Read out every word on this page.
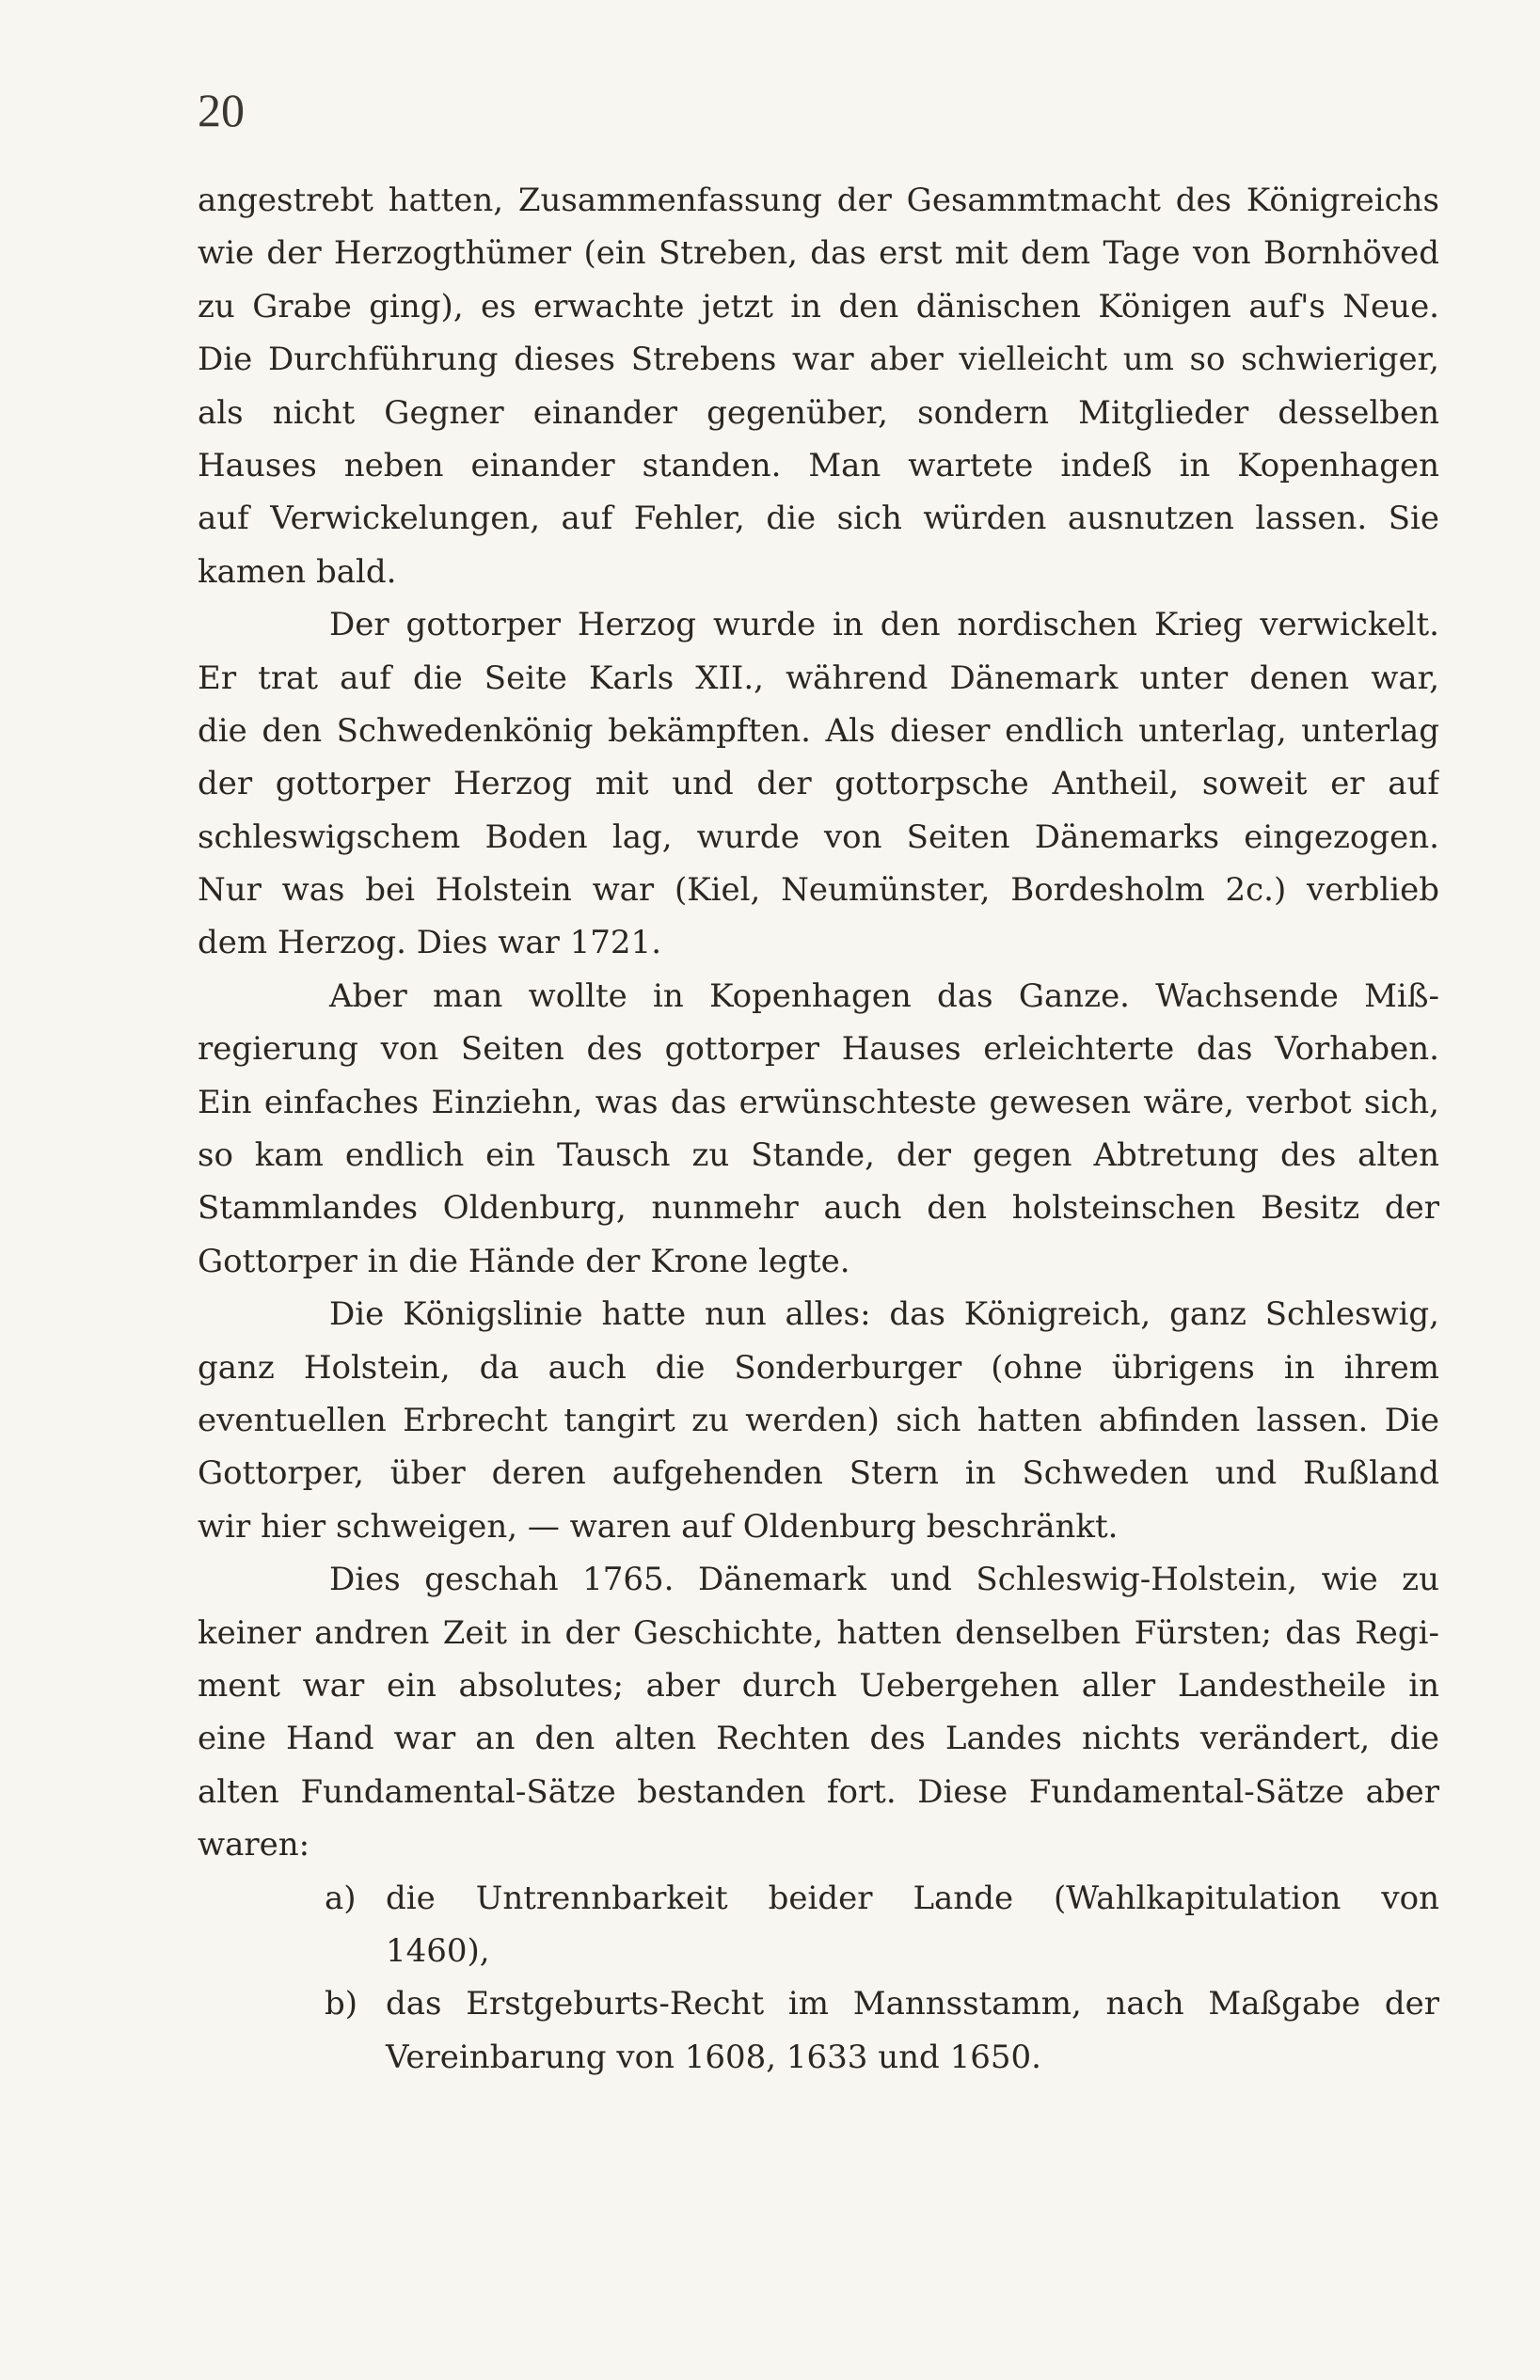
20
angestrebt hatten, Zusammenfassung der Gesammtmacht des Königreichs
wie der Herzogthümer (ein Streben, das erst mit dem Tage von Bornhöved
zu Grabe ging), es erwachte jetzt in den dänischen Königen auf's Neue.
Die Durchführung dieses Strebens war aber vielleicht um so schwieriger,
als nicht Gegner einander gegenüber, sondern Mitglieder desselben
Hauses neben einander standen. Man wartete indeß in Kopenhagen
auf Verwickelungen, auf Fehler, die sich würden ausnutzen lassen. Sie
kamen bald.
Der gottorper Herzog wurde in den nordischen Krieg verwickelt.
Er trat auf die Seite Karls XII., während Dänemark unter denen war,
die den Schwedenkönig bekämpften. Als dieser endlich unterlag, unterlag
der gottorper Herzog mit und der gottorpsche Antheil, soweit er auf
schleswigschem Boden lag, wurde von Seiten Dänemarks eingezogen.
Nur was bei Holstein war (Kiel, Neumünster, Bordesholm 2c.) verblieb
dem Herzog. Dies war 1721.
Aber man wollte in Kopenhagen das Ganze. Wachsende Miß-
regierung von Seiten des gottorper Hauses erleichterte das Vorhaben.
Ein einfaches Einziehn, was das erwünschteste gewesen wäre, verbot sich,
so kam endlich ein Tausch zu Stande, der gegen Abtretung des alten
Stammlandes Oldenburg, nunmehr auch den holsteinschen Besitz der
Gottorper in die Hände der Krone legte.
Die Königslinie hatte nun alles: das Königreich, ganz Schleswig,
ganz Holstein, da auch die Sonderburger (ohne übrigens in ihrem
eventuellen Erbrecht tangirt zu werden) sich hatten abfinden lassen. Die
Gottorper, über deren aufgehenden Stern in Schweden und Rußland
wir hier schweigen, — waren auf Oldenburg beschränkt.
Dies geschah 1765. Dänemark und Schleswig-Holstein, wie zu
keiner andren Zeit in der Geschichte, hatten denselben Fürsten; das Regi-
ment war ein absolutes; aber durch Uebergehen aller Landestheile in
eine Hand war an den alten Rechten des Landes nichts verändert, die
alten Fundamental-Sätze bestanden fort. Diese Fundamental-Sätze aber
waren:
a) die Untrennbarkeit beider Lande (Wahlkapitulation von
1460),
b) das Erstgeburts-Recht im Mannsstamm, nach Maßgabe der
Vereinbarung von 1608, 1633 und 1650.
